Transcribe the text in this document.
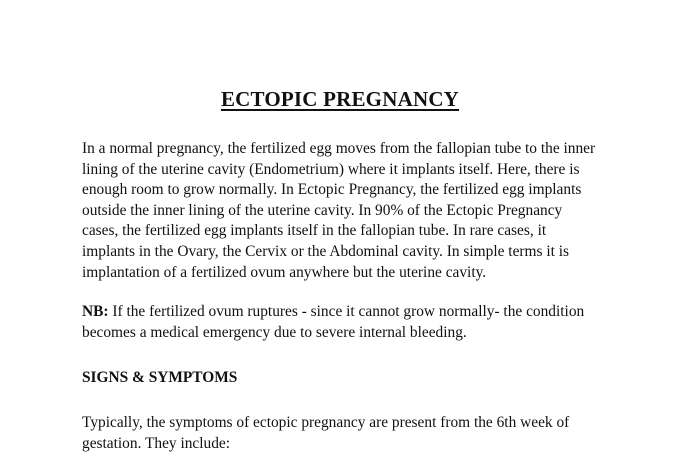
ECTOPIC PREGNANCY
In a normal pregnancy, the fertilized egg moves from the fallopian tube to the inner lining of the uterine cavity (Endometrium) where it implants itself. Here, there is enough room to grow normally. In Ectopic Pregnancy, the fertilized egg implants outside the inner lining of the uterine cavity. In 90% of the Ectopic Pregnancy cases, the fertilized egg implants itself in the fallopian tube. In rare cases, it implants in the Ovary, the Cervix or the Abdominal cavity. In simple terms it is implantation of a fertilized ovum anywhere but the uterine cavity.
NB: If the fertilized ovum ruptures - since it cannot grow normally- the condition becomes a medical emergency due to severe internal bleeding.
SIGNS & SYMPTOMS
Typically, the symptoms of ectopic pregnancy are present from the 6th week of gestation. They include:
